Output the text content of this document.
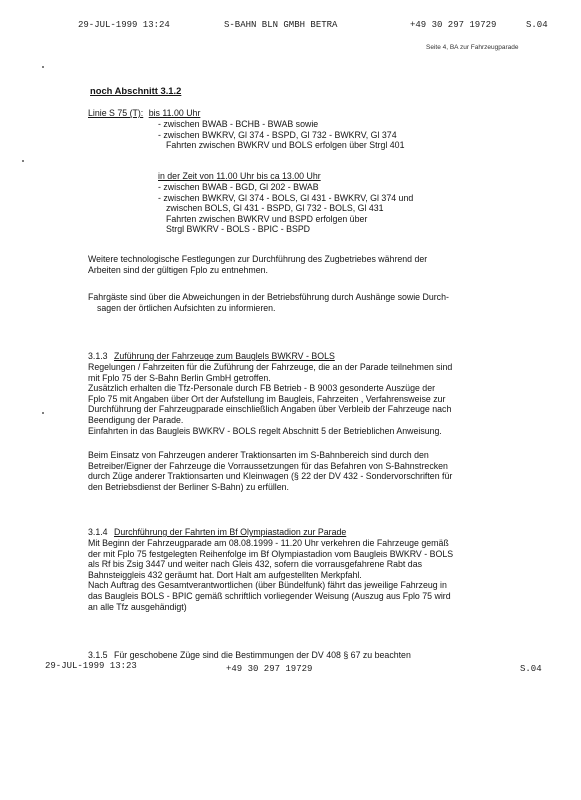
29-JUL-1999 13:24	S-BAHN BLN GMBH BETRA	+49 30 297 19729	S.04
Seite 4, BA zur Fahrzeugparade
noch Abschnitt 3.1.2
Linie S 75 (T): bis 11.00 Uhr
- zwischen BWAB - BCHB - BWAB sowie
- zwischen BWKRV, Gl 374 - BSPD, Gl 732 - BWKRV, Gl 374
Fahrten zwischen BWKRV und BOLS erfolgen über Strgl 401
in der Zeit von 11.00 Uhr bis ca 13.00 Uhr
- zwischen BWAB - BGD, Gl 202 - BWAB
- zwischen BWKRV, Gl 374 - BOLS, Gl 431 - BWKRV, Gl 374 und
zwischen BOLS, Gl 431 - BSPD, Gl 732 - BOLS, Gl 431
Fahrten zwischen BWKRV und BSPD erfolgen über
Strgl BWKRV - BOLS - BPIC - BSPD
Weitere technologische Festlegungen zur Durchführung des Zugbetriebes während der
Arbeiten sind der gültigen Fplo zu entnehmen.
Fahrgäste sind über die Abweichungen in der Betriebsführung durch Aushänge sowie Durch-
sagen der örtlichen Aufsichten zu informieren.
3.1.3 Zuführung der Fahrzeuge zum Bauglels BWKRV - BOLS
Regelungen / Fahrzeiten für die Zuführung der Fahrzeuge, die an der Parade teilnehmen sind
mit Fplo 75 der S-Bahn Berlin GmbH getroffen.
Zusätzlich erhalten die Tfz-Personale durch FB Betrieb - B 9003 gesonderte Auszüge der
Fplo 75 mit Angaben über Ort der Aufstellung im Baugleis, Fahrzeiten , Verfahrensweise zur
Durchführung der Fahrzeugparade einschließlich Angaben über Verbleib der Fahrzeuge nach
Beendigung der Parade.
Einfahrten in das Baugleis BWKRV - BOLS regelt Abschnitt 5 der Betrieblichen Anweisung.
Beim Einsatz von Fahrzeugen anderer Traktionsarten im S-Bahnbereich sind durch den
Betreiber/Eigner der Fahrzeuge die Vorraussetzungen für das Befahren von S-Bahnstrecken
durch Züge anderer Traktionsarten und Kleinwagen (§ 22 der DV 432 - Sondervorschriften für
den Betriebsdienst der Berliner S-Bahn) zu erfüllen.
3.1.4 Durchführung der Fahrten im Bf Olympiastadion zur Parade
Mit Beginn der Fahrzeugparade am 08.08.1999 - 11.20 Uhr verkehren die Fahrzeuge gemäß
der mit Fplo 75 festgelegten Reihenfolge im Bf Olympiastadion vom Baugleis BWKRV - BOLS
als Rf bis Zsig 3447 und weiter nach Gleis 432, sofern die vorrausgefahrene Rabt das
Bahnsteiggleis 432 geräumt hat. Dort Halt am aufgestellten Merkpfahl.
Nach Auftrag des Gesamtverantwortlichen (über Bündelfunk) fährt das jeweilige Fahrzeug in
das Baugleis BOLS - BPIC gemäß schriftlich vorliegender Weisung (Auszug aus Fplo 75 wird
an alle Tfz ausgehändigt)
3.1.5 Für geschobene Züge sind die Bestimmungen der DV 408 § 67 zu beachten
29-JUL-1999 13:23	+49 30 297 19729	S.04
